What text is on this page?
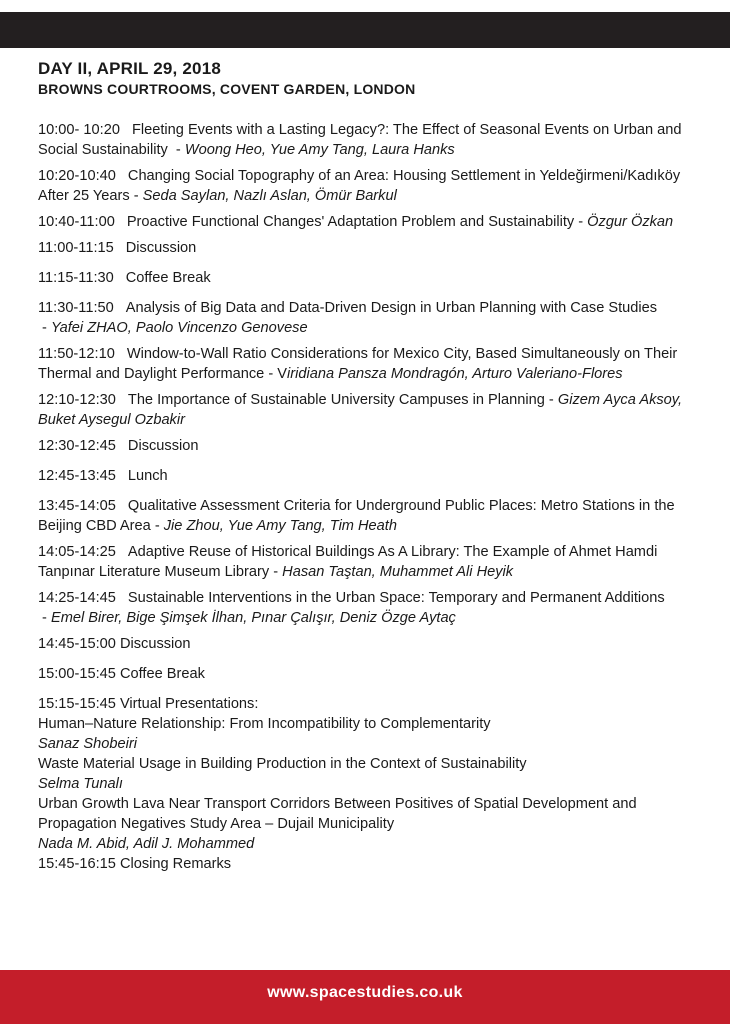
DAY II, APRIL 29, 2018
BROWNS COURTROOMS, COVENT GARDEN, LONDON
10:00- 10:20 Fleeting Events with a Lasting Legacy?: The Effect of Seasonal Events on Urban and Social Sustainability  - Woong Heo, Yue Amy Tang, Laura Hanks
10:20-10:40 Changing Social Topography of an Area: Housing Settlement in Yeldeğirmeni/Kadıköy After 25 Years - Seda Saylan, Nazlı Aslan, Ömür Barkul
10:40-11:00 Proactive Functional Changes' Adaptation Problem and Sustainability - Özgur Özkan
11:00-11:15 Discussion
11:15-11:30 Coffee Break
11:30-11:50 Analysis of Big Data and Data-Driven Design in Urban Planning with Case Studies - Yafei ZHAO, Paolo Vincenzo Genovese
11:50-12:10 Window-to-Wall Ratio Considerations for Mexico City, Based Simultaneously on Their Thermal and Daylight Performance - Viridiana Pansza Mondragón, Arturo Valeriano-Flores
12:10-12:30 The Importance of Sustainable University Campuses in Planning - Gizem Ayca Aksoy, Buket Aysegul Ozbakir
12:30-12:45 Discussion
12:45-13:45 Lunch
13:45-14:05 Qualitative Assessment Criteria for Underground Public Places: Metro Stations in the Beijing CBD Area - Jie Zhou, Yue Amy Tang, Tim Heath
14:05-14:25 Adaptive Reuse of Historical Buildings As A Library: The Example of Ahmet Hamdi Tanpınar Literature Museum Library - Hasan Taştan, Muhammet Ali Heyik
14:25-14:45 Sustainable Interventions in the Urban Space: Temporary and Permanent Additions - Emel Birer, Bige Şimşek İlhan, Pınar Çalışır, Deniz Özge Aytaç
14:45-15:00 Discussion
15:00-15:45 Coffee Break
15:15-15:45 Virtual Presentations:
Human–Nature Relationship: From Incompatibility to Complementarity
Sanaz Shobeiri
Waste Material Usage in Building Production in the Context of Sustainability
Selma Tunalı
Urban Growth Lava Near Transport Corridors Between Positives of Spatial Development and Propagation Negatives Study Area – Dujail Municipality
Nada M. Abid, Adil J. Mohammed
15:45-16:15 Closing Remarks
www.spacestudies.co.uk
